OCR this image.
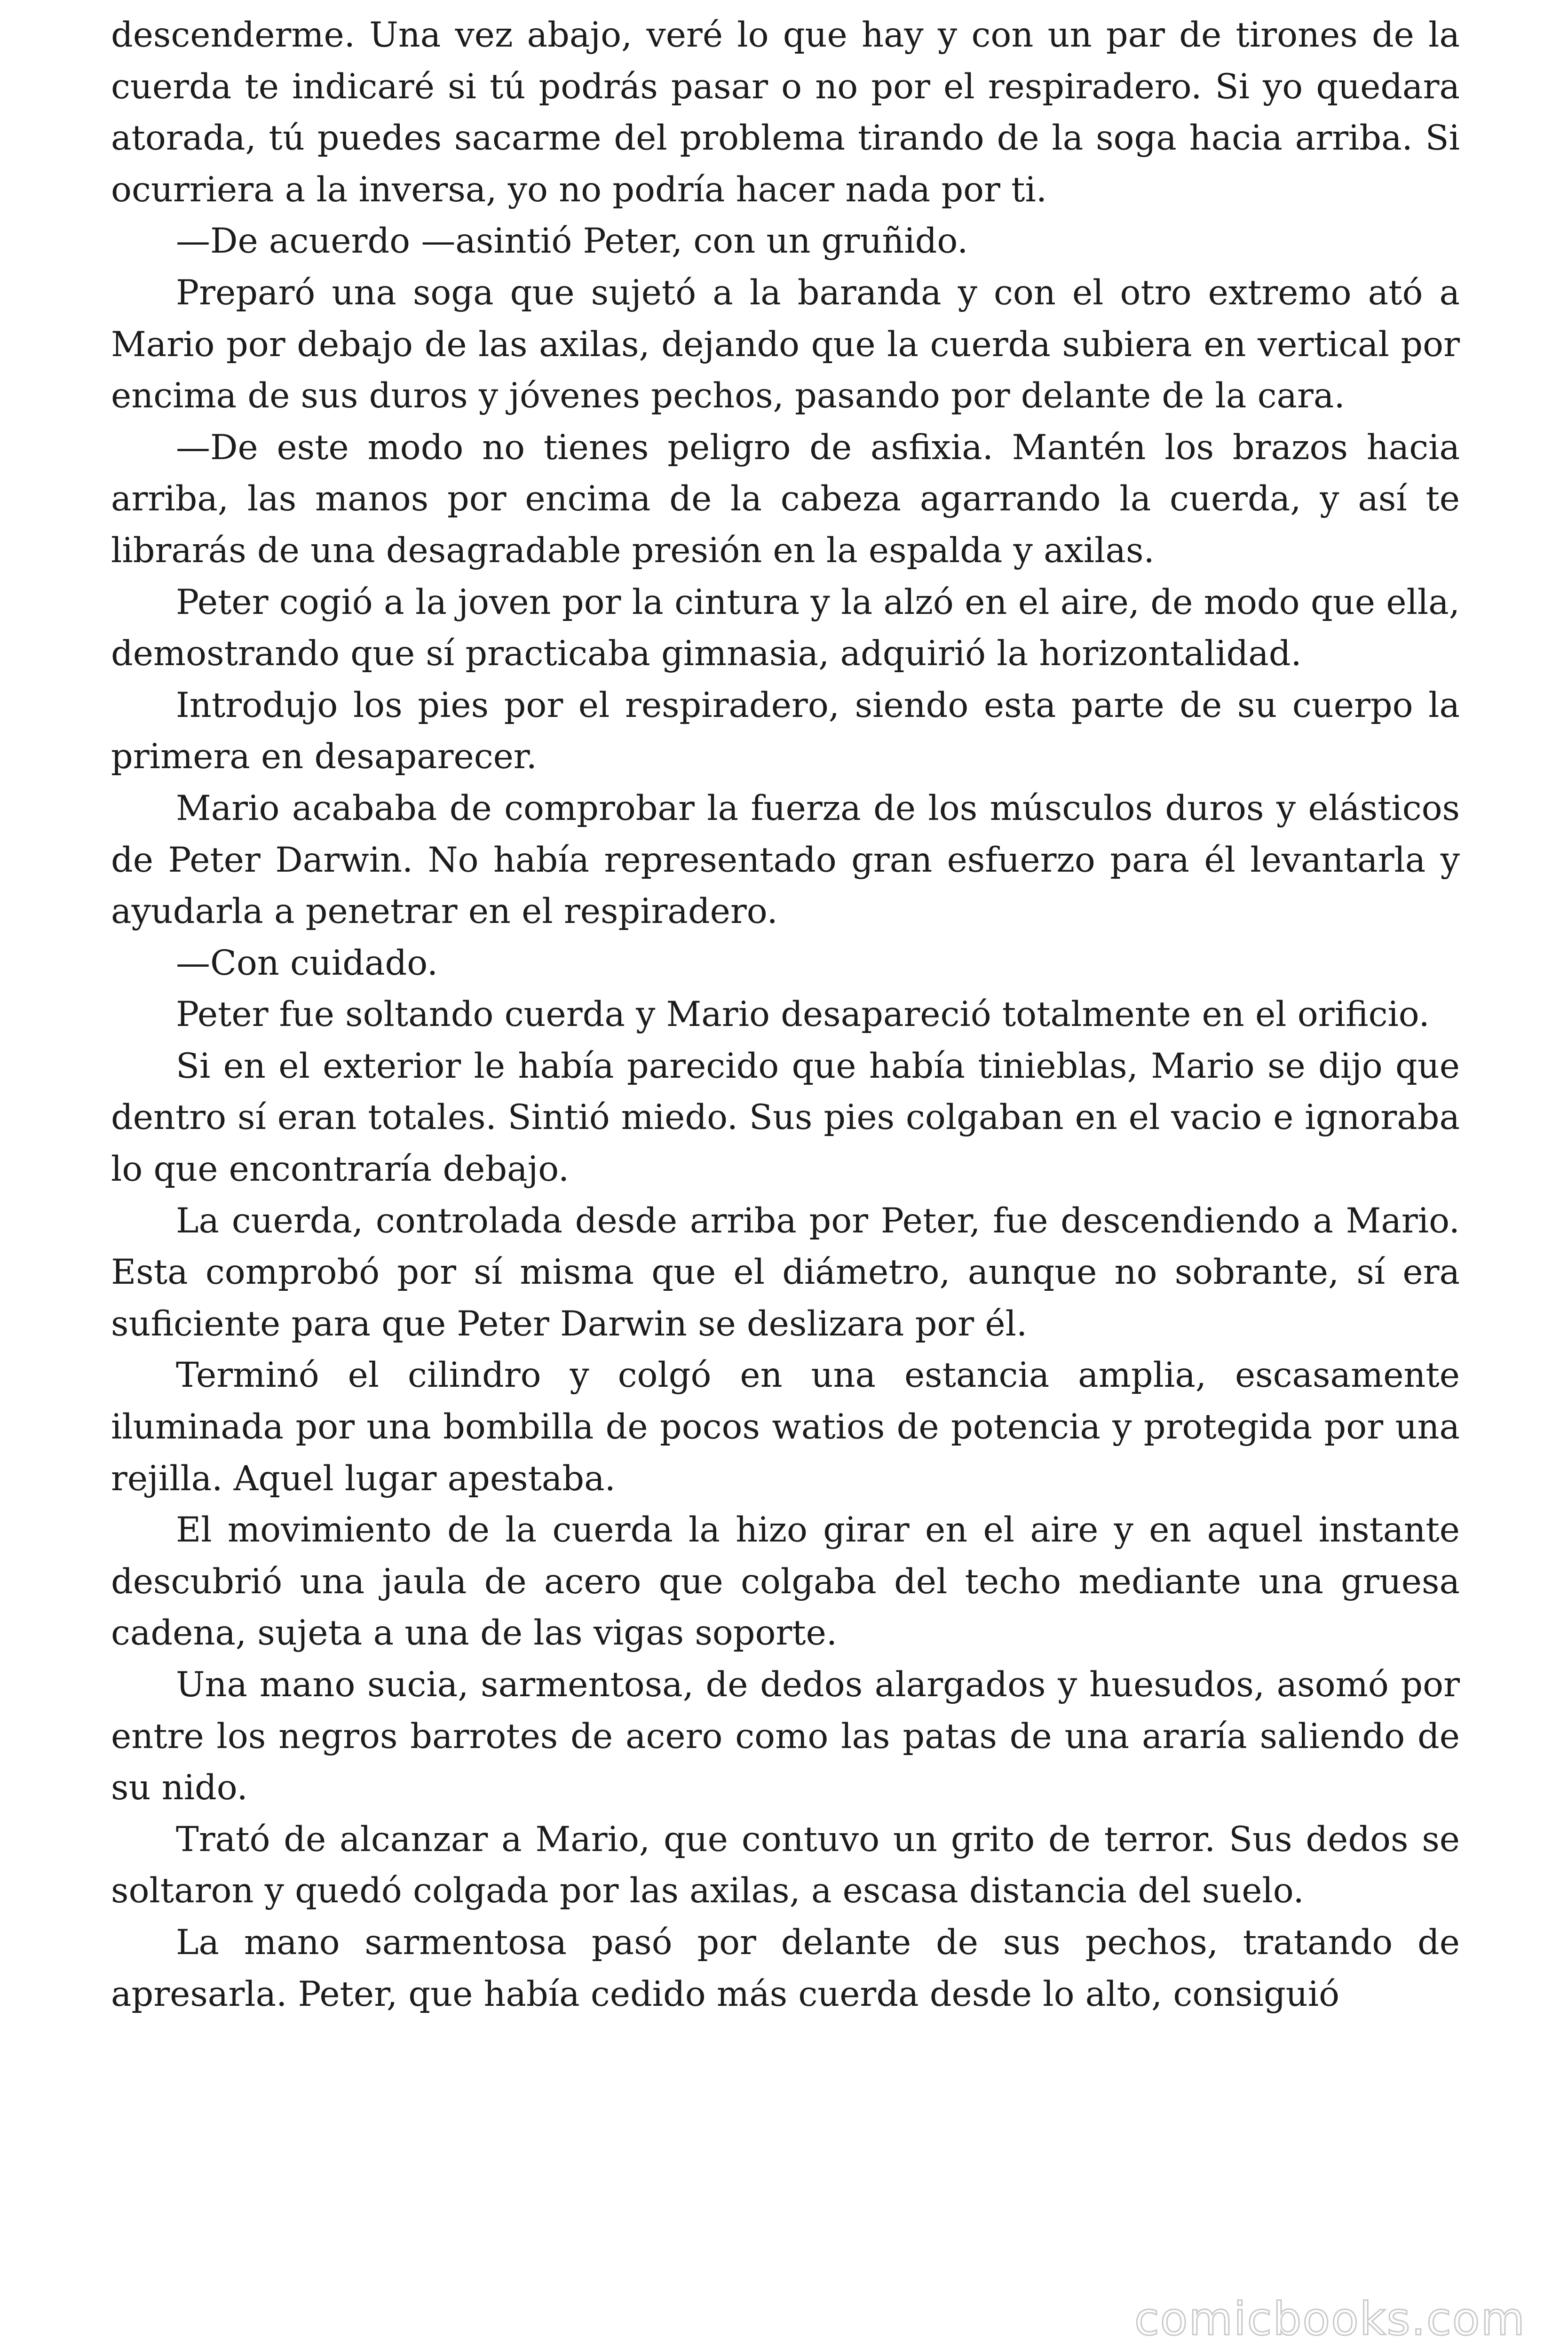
descenderme. Una vez abajo, veré lo que hay y con un par de tirones de la cuerda te indicaré si tú podrás pasar o no por el respiradero. Si yo quedara atorada, tú puedes sacarme del problema tirando de la soga hacia arriba. Si ocurriera a la inversa, yo no podría hacer nada por ti.

—De acuerdo —asintió Peter, con un gruñido.

Preparó una soga que sujetó a la baranda y con el otro extremo ató a Mario por debajo de las axilas, dejando que la cuerda subiera en vertical por encima de sus duros y jóvenes pechos, pasando por delante de la cara.

—De este modo no tienes peligro de asfixia. Mantén los brazos hacia arriba, las manos por encima de la cabeza agarrando la cuerda, y así te librarás de una desagradable presión en la espalda y axilas.

Peter cogió a la joven por la cintura y la alzó en el aire, de modo que ella, demostrando que sí practicaba gimnasia, adquirió la horizontalidad.

Introdujo los pies por el respiradero, siendo esta parte de su cuerpo la primera en desaparecer.

Mario acababa de comprobar la fuerza de los músculos duros y elásticos de Peter Darwin. No había representado gran esfuerzo para él levantarla y ayudarla a penetrar en el respiradero.

—Con cuidado.

Peter fue soltando cuerda y Mario desapareció totalmente en el orificio.

Si en el exterior le había parecido que había tinieblas, Mario se dijo que dentro sí eran totales. Sintió miedo. Sus pies colgaban en el vacio e ignoraba lo que encontraría debajo.

La cuerda, controlada desde arriba por Peter, fue descendiendo a Mario. Esta comprobó por sí misma que el diámetro, aunque no sobrante, sí era suficiente para que Peter Darwin se deslizara por él.

Terminó el cilindro y colgó en una estancia amplia, escasamente iluminada por una bombilla de pocos watios de potencia y protegida por una rejilla. Aquel lugar apestaba.

El movimiento de la cuerda la hizo girar en el aire y en aquel instante descubrió una jaula de acero que colgaba del techo mediante una gruesa cadena, sujeta a una de las vigas soporte.

Una mano sucia, sarmentosa, de dedos alargados y huesudos, asomó por entre los negros barrotes de acero como las patas de una araría saliendo de su nido.

Trató de alcanzar a Mario, que contuvo un grito de terror. Sus dedos se soltaron y quedó colgada por las axilas, a escasa distancia del suelo.

La mano sarmentosa pasó por delante de sus pechos, tratando de apresarla. Peter, que había cedido más cuerda desde lo alto, consiguió

comicbooks.com
